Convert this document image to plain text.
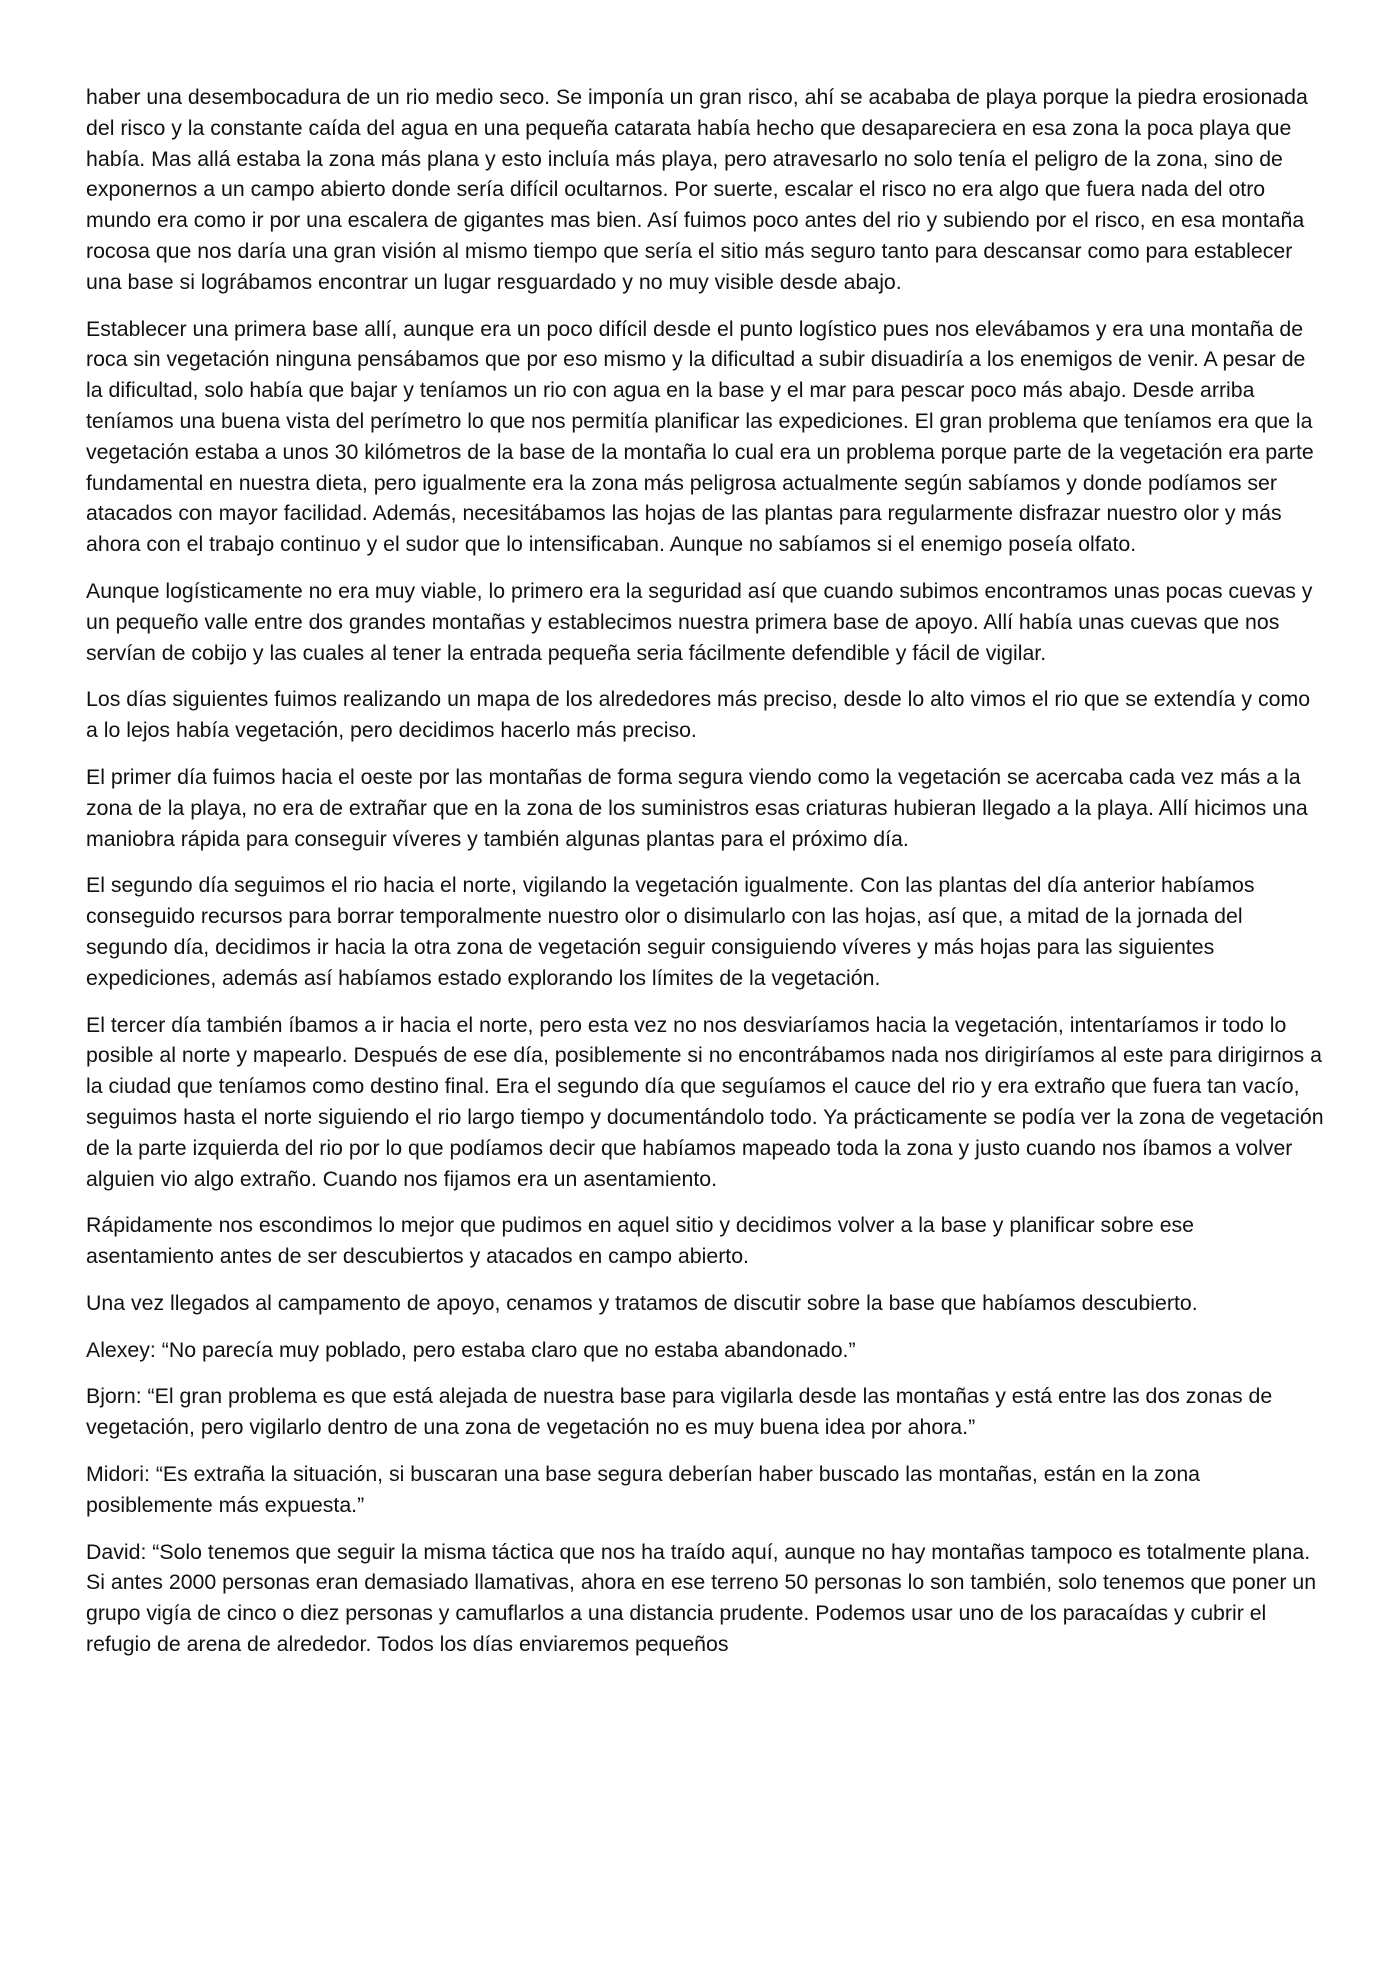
haber una desembocadura de un rio medio seco. Se imponía un gran risco, ahí se acababa de playa porque la piedra erosionada del risco y la constante caída del agua en una pequeña catarata había hecho que desapareciera en esa zona la poca playa que había. Mas allá estaba la zona más plana y esto incluía más playa, pero atravesarlo no solo tenía el peligro de la zona, sino de exponernos a un campo abierto donde sería difícil ocultarnos. Por suerte, escalar el risco no era algo que fuera nada del otro mundo era como ir por una escalera de gigantes mas bien. Así fuimos poco antes del rio y subiendo por el risco, en esa montaña rocosa que nos daría una gran visión al mismo tiempo que sería el sitio más seguro tanto para descansar como para establecer una base si lográbamos encontrar un lugar resguardado y no muy visible desde abajo.

Establecer una primera base allí, aunque era un poco difícil desde el punto logístico pues nos elevábamos y era una montaña de roca sin vegetación ninguna pensábamos que por eso mismo y la dificultad a subir disuadiría a los enemigos de venir. A pesar de la dificultad, solo había que bajar y teníamos un rio con agua en la base y el mar para pescar poco más abajo. Desde arriba teníamos una buena vista del perímetro lo que nos permitía planificar las expediciones. El gran problema que teníamos era que la vegetación estaba a unos 30 kilómetros de la base de la montaña lo cual era un problema porque parte de la vegetación era parte fundamental en nuestra dieta, pero igualmente era la zona más peligrosa actualmente según sabíamos y donde podíamos ser atacados con mayor facilidad. Además, necesitábamos las hojas de las plantas para regularmente disfrazar nuestro olor y más ahora con el trabajo continuo y el sudor que lo intensificaban. Aunque no sabíamos si el enemigo poseía olfato.

Aunque logísticamente no era muy viable, lo primero era la seguridad así que cuando subimos encontramos unas pocas cuevas y un pequeño valle entre dos grandes montañas y establecimos nuestra primera base de apoyo. Allí había unas cuevas que nos servían de cobijo y las cuales al tener la entrada pequeña seria fácilmente defendible y fácil de vigilar.

Los días siguientes fuimos realizando un mapa de los alrededores más preciso, desde lo alto vimos el rio que se extendía y como a lo lejos había vegetación, pero decidimos hacerlo más preciso.

El primer día fuimos hacia el oeste por las montañas de forma segura viendo como la vegetación se acercaba cada vez más a la zona de la playa, no era de extrañar que en la zona de los suministros esas criaturas hubieran llegado a la playa. Allí hicimos una maniobra rápida para conseguir víveres y también algunas plantas para el próximo día.

El segundo día seguimos el rio hacia el norte, vigilando la vegetación igualmente. Con las plantas del día anterior habíamos conseguido recursos para borrar temporalmente nuestro olor o disimularlo con las hojas, así que, a mitad de la jornada del segundo día, decidimos ir hacia la otra zona de vegetación seguir consiguiendo víveres y más hojas para las siguientes expediciones, además así habíamos estado explorando los límites de la vegetación.

El tercer día también íbamos a ir hacia el norte, pero esta vez no nos desviaríamos hacia la vegetación, intentaríamos ir todo lo posible al norte y mapearlo. Después de ese día, posiblemente si no encontrábamos nada nos dirigiríamos al este para dirigirnos a la ciudad que teníamos como destino final. Era el segundo día que seguíamos el cauce del rio y era extraño que fuera tan vacío, seguimos hasta el norte siguiendo el rio largo tiempo y documentándolo todo. Ya prácticamente se podía ver la zona de vegetación de la parte izquierda del rio por lo que podíamos decir que habíamos mapeado toda la zona y justo cuando nos íbamos a volver alguien vio algo extraño. Cuando nos fijamos era un asentamiento.

Rápidamente nos escondimos lo mejor que pudimos en aquel sitio y decidimos volver a la base y planificar sobre ese asentamiento antes de ser descubiertos y atacados en campo abierto.

Una vez llegados al campamento de apoyo, cenamos y tratamos de discutir sobre la base que habíamos descubierto.

Alexey: “No parecía muy poblado, pero estaba claro que no estaba abandonado.”

Bjorn: “El gran problema es que está alejada de nuestra base para vigilarla desde las montañas y está entre las dos zonas de vegetación, pero vigilarlo dentro de una zona de vegetación no es muy buena idea por ahora.”

Midori: “Es extraña la situación, si buscaran una base segura deberían haber buscado las montañas, están en la zona posiblemente más expuesta.”

David: “Solo tenemos que seguir la misma táctica que nos ha traído aquí, aunque no hay montañas tampoco es totalmente plana. Si antes 2000 personas eran demasiado llamativas, ahora en ese terreno 50 personas lo son también, solo tenemos que poner un grupo vigía de cinco o diez personas y camuflarlos a una distancia prudente. Podemos usar uno de los paracaídas y cubrir el refugio de arena de alrededor. Todos los días enviaremos pequeños
